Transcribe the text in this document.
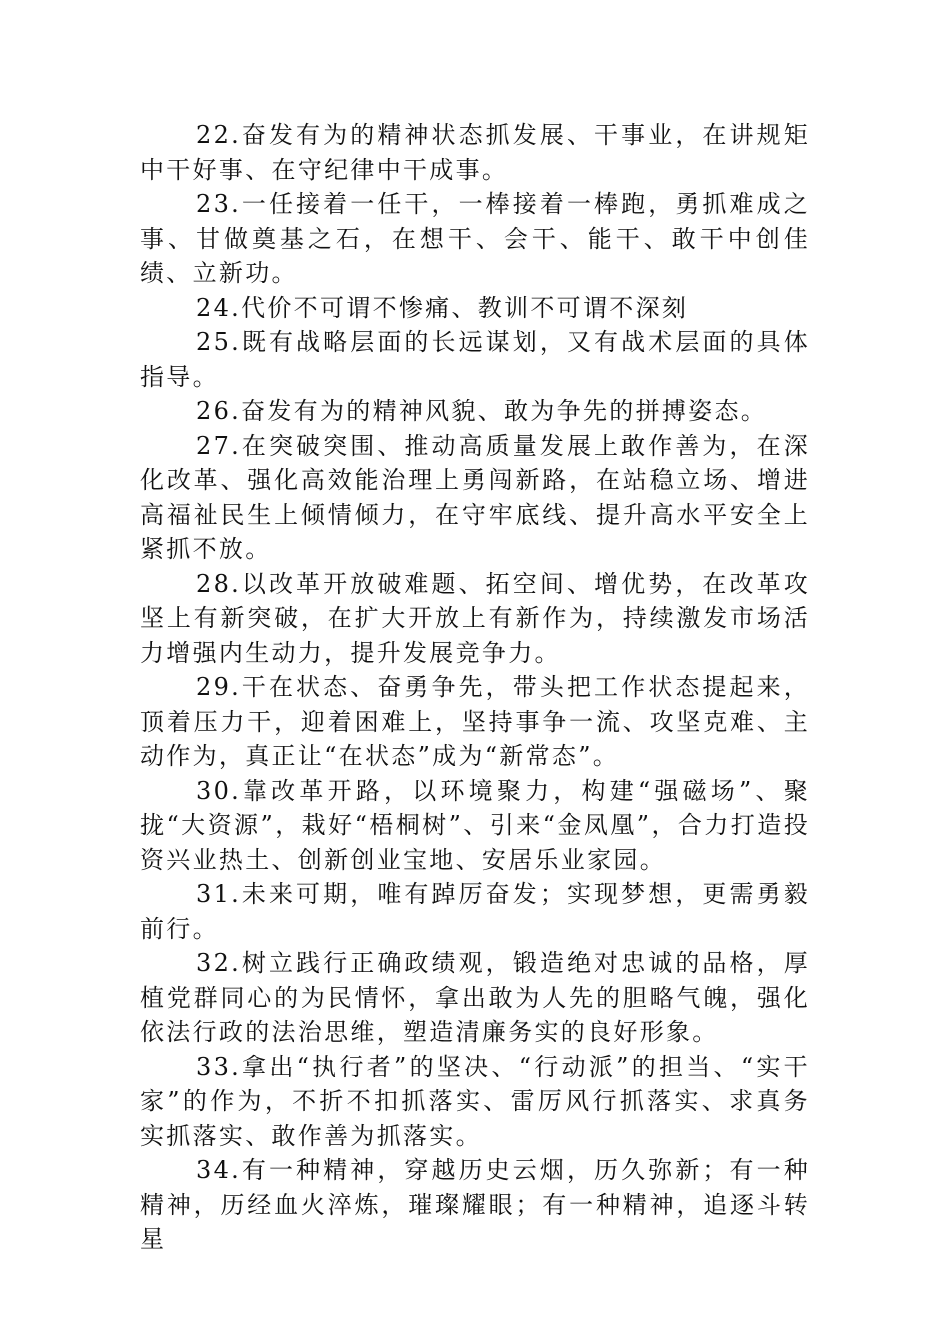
22.奋发有为的精神状态抓发展、干事业，在讲规矩中干好事、在守纪律中干成事。

23.一任接着一任干，一棒接着一棒跑，勇抓难成之事、甘做奠基之石，在想干、会干、能干、敢干中创佳绩、立新功。

24.代价不可谓不惨痛、教训不可谓不深刻

25.既有战略层面的长远谋划，又有战术层面的具体指导。

26.奋发有为的精神风貌、敢为争先的拼搏姿态。

27.在突破突围、推动高质量发展上敢作善为，在深化改革、强化高效能治理上勇闯新路，在站稳立场、增进高福祉民生上倾情倾力，在守牢底线、提升高水平安全上紧抓不放。

28.以改革开放破难题、拓空间、增优势，在改革攻坚上有新突破，在扩大开放上有新作为，持续激发市场活力增强内生动力，提升发展竞争力。

29.干在状态、奋勇争先，带头把工作状态提起来，顶着压力干，迎着困难上，坚持事争一流、攻坚克难、主动作为，真正让“在状态”成为“新常态”。

30.靠改革开路，以环境聚力，构建“强磁场”、聚拢“大资源”，栽好“梧桐树”、引来“金凤凰”，合力打造投资兴业热土、创新创业宝地、安居乐业家园。

31.未来可期，唯有踔厉奋发；实现梦想，更需勇毅前行。

32.树立践行正确政绩观，锻造绝对忠诚的品格，厚植党群同心的为民情怀，拿出敢为人先的胆略气魄，强化依法行政的法治思维，塑造清廉务实的良好形象。

33.拿出“执行者”的坚决、“行动派”的担当、“实干家”的作为，不折不扣抓落实、雷厉风行抓落实、求真务实抓落实、敢作善为抓落实。

34.有一种精神，穿越历史云烟，历久弥新；有一种精神，历经血火淬炼，璀璨耀眼；有一种精神，追逐斗转星
